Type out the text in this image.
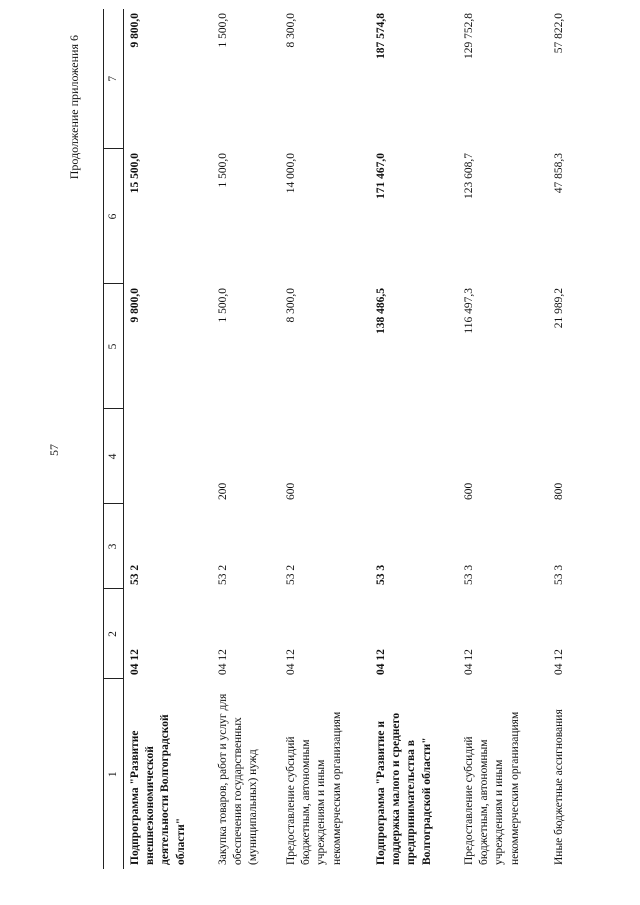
57
Продолжение приложения 6
1	2	3	4	5	6	7

Подпрограмма "Развитие внешнеэкономической деятельности Волгоградской области"	04 12	53 2		9 800,0	15 500,0	9 800,0
Закупка товаров, работ и услуг для обеспечения государственных (муниципальных) нужд	04 12	53 2	200	1 500,0	1 500,0	1 500,0
Предоставление субсидий бюджетным, автономным учреждениям и иным некоммерческим организациям	04 12	53 2	600	8 300,0	14 000,0	8 300,0
Подпрограмма "Развитие и поддержка малого и среднего предпринимательства в Волгоградской области"	04 12	53 3		138 486,5	171 467,0	187 574,8
Предоставление субсидий бюджетным, автономным учреждениям и иным некоммерческим организациям	04 12	53 3	600	116 497,3	123 608,7	129 752,8
Иные бюджетные ассигнования	04 12	53 3	800	21 989,2	47 858,3	57 822,0
